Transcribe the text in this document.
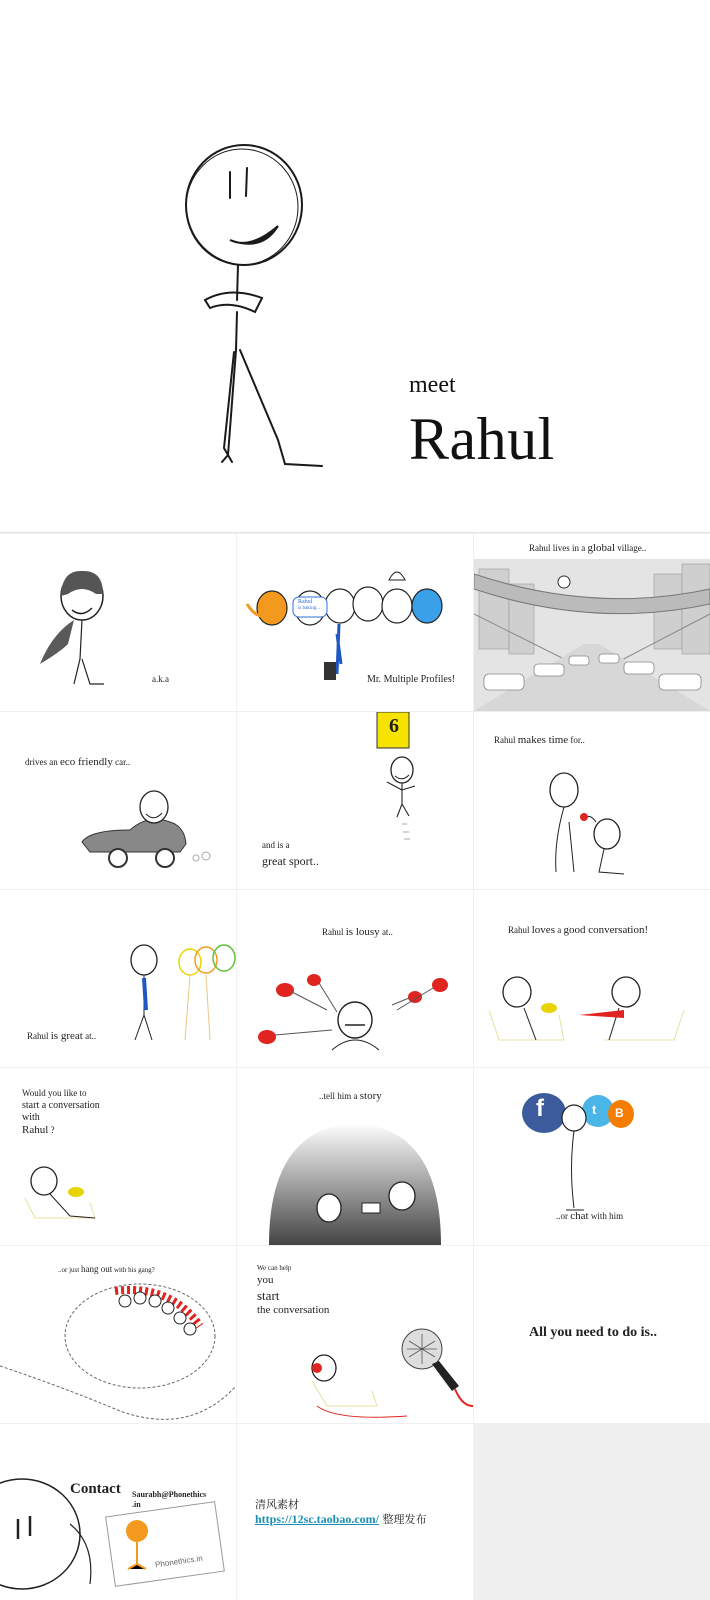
meet
Rahul
a.k.a
Rahul
is baking...
Mr. Multiple Profiles!
Rahul lives in a global village..
drives an eco friendly car..
6
and is a
great sport..
Rahul makes time for..
Rahul is great at..
Rahul is lousy at..	Rahul loves a good conversation!
Would you like to
start a conversation
with
Rahul ?
..tell him a story	f	t B
..or chat with him
..or just hang out with his gang?	We can help
you
start
the conversation
All you need to do is..
Contact Saurabh@Phonethics
.in
Phonethics.in
清风素材
https://12sc.taobao.com/ 整理发布
